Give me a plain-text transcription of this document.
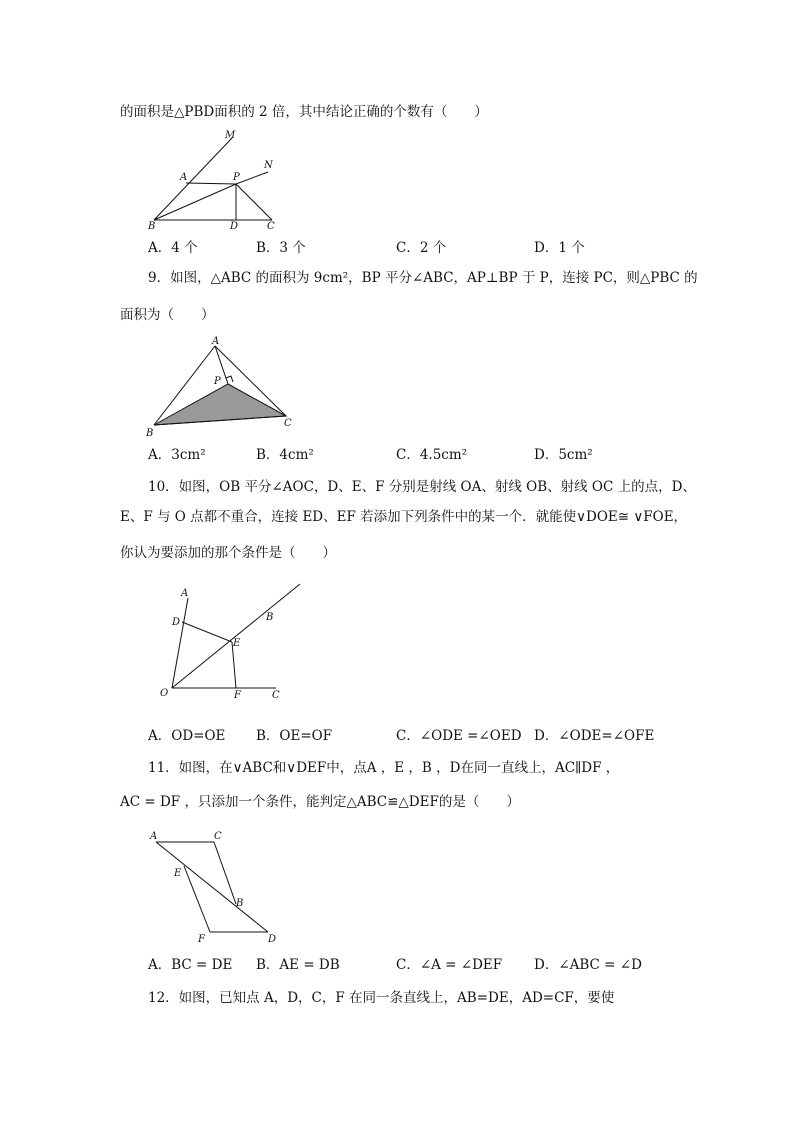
的面积是△PBD面积的 2 倍，其中结论正确的个数有（　　）
M
N
A	P
B	D	C
A．4 个	B．3 个	C．2 个	D．1 个
9．如图，△ABC 的面积为 9cm²，BP 平分∠ABC，AP⊥BP 于 P，连接 PC，则△PBC 的
面积为（　　）
A
P
B
C
A．3cm²	B．4cm²	C．4.5cm²	D．5cm²
10．如图，OB 平分∠AOC，D、E、F 分别是射线 OA、射线 OB、射线 OC 上的点，D、
E、F 与 O 点都不重合，连接 ED、EF 若添加下列条件中的某一个．就能使∨DOE≅ ∨FOE，
你认为要添加的那个条件是（　　）
A
D	B
E
O	F	C
A．OD=OE B．OE=OF	C．∠ODE =∠OED D．∠ODE=∠OFE
11．如图，在∨ABC和∨DEF中，点A ，E ，B ，D在同一直线上，AC∥DF ，
AC = DF ，只添加一个条件，能判定△ABC≌△DEF的是（　　）
A	C
E
B
F	D
A．BC = DE B．AE = DB	C．∠A = ∠DEF D．∠ABC = ∠D
12．如图，已知点 A，D，C，F 在同一条直线上，AB=DE，AD=CF，要使
